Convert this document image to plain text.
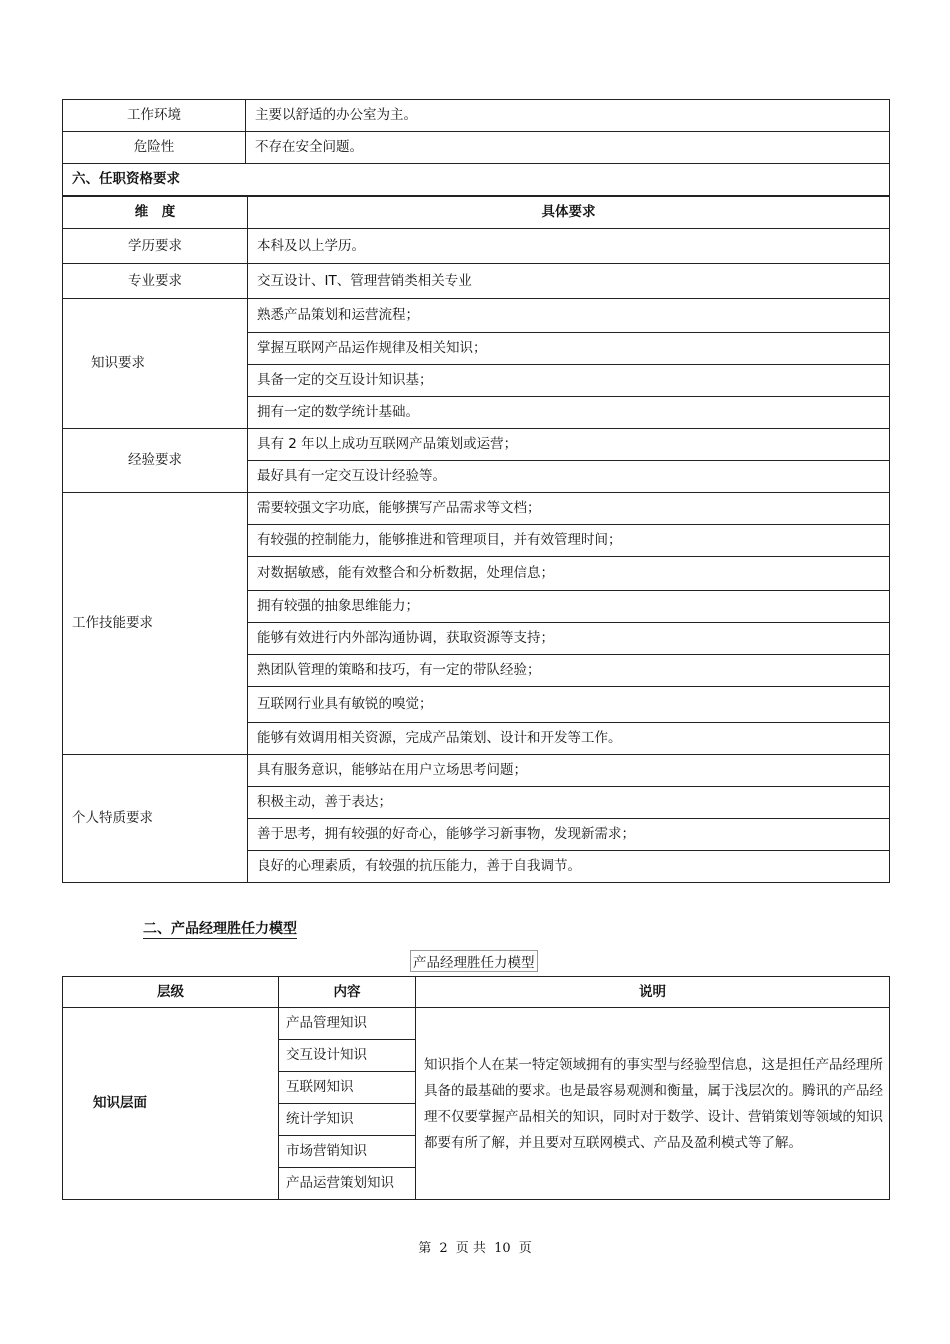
工作环境	主要以舒适的办公室为主。
危险性	不存在安全问题。
六、任职资格要求	
维　度	具体要求
学历要求	本科及以上学历。
专业要求	交互设计、IT、管理营销类相关专业
知识要求	熟悉产品策划和运营流程；
	掌握互联网产品运作规律及相关知识；
	具备一定的交互设计知识基；
	拥有一定的数学统计基础。
经验要求	具有 2 年以上成功互联网产品策划或运营；
	最好具有一定交互设计经验等。
工作技能要求	需要较强文字功底，能够撰写产品需求等文档；
	有较强的控制能力，能够推进和管理项目，并有效管理时间；
	对数据敏感，能有效整合和分析数据，处理信息；
	拥有较强的抽象思维能力；
	能够有效进行内外部沟通协调，获取资源等支持；
	熟团队管理的策略和技巧，有一定的带队经验；
	互联网行业具有敏锐的嗅觉；
	能够有效调用相关资源，完成产品策划、设计和开发等工作。
个人特质要求	具有服务意识，能够站在用户立场思考问题；
	积极主动，善于表达；
	善于思考，拥有较强的好奇心，能够学习新事物，发现新需求；
	良好的心理素质，有较强的抗压能力，善于自我调节。
二、产品经理胜任力模型
产品经理胜任力模型
层级	内容	说明
知识层面	产品管理知识	知识指个人在某一特定领域拥有的事实型与经验型信息，这是担任产品经理所具备的最基础的要求。也是最容易观测和衡量，属于浅层次的。腾讯的产品经理不仅要掌握产品相关的知识，同时对于数学、设计、营销策划等领域的知识都要有所了解，并且要对互联网模式、产品及盈利模式等了解。
	交互设计知识	
	互联网知识	
	统计学知识	
	市场营销知识	
	产品运营策划知识	
第 2 页 共 10 页
